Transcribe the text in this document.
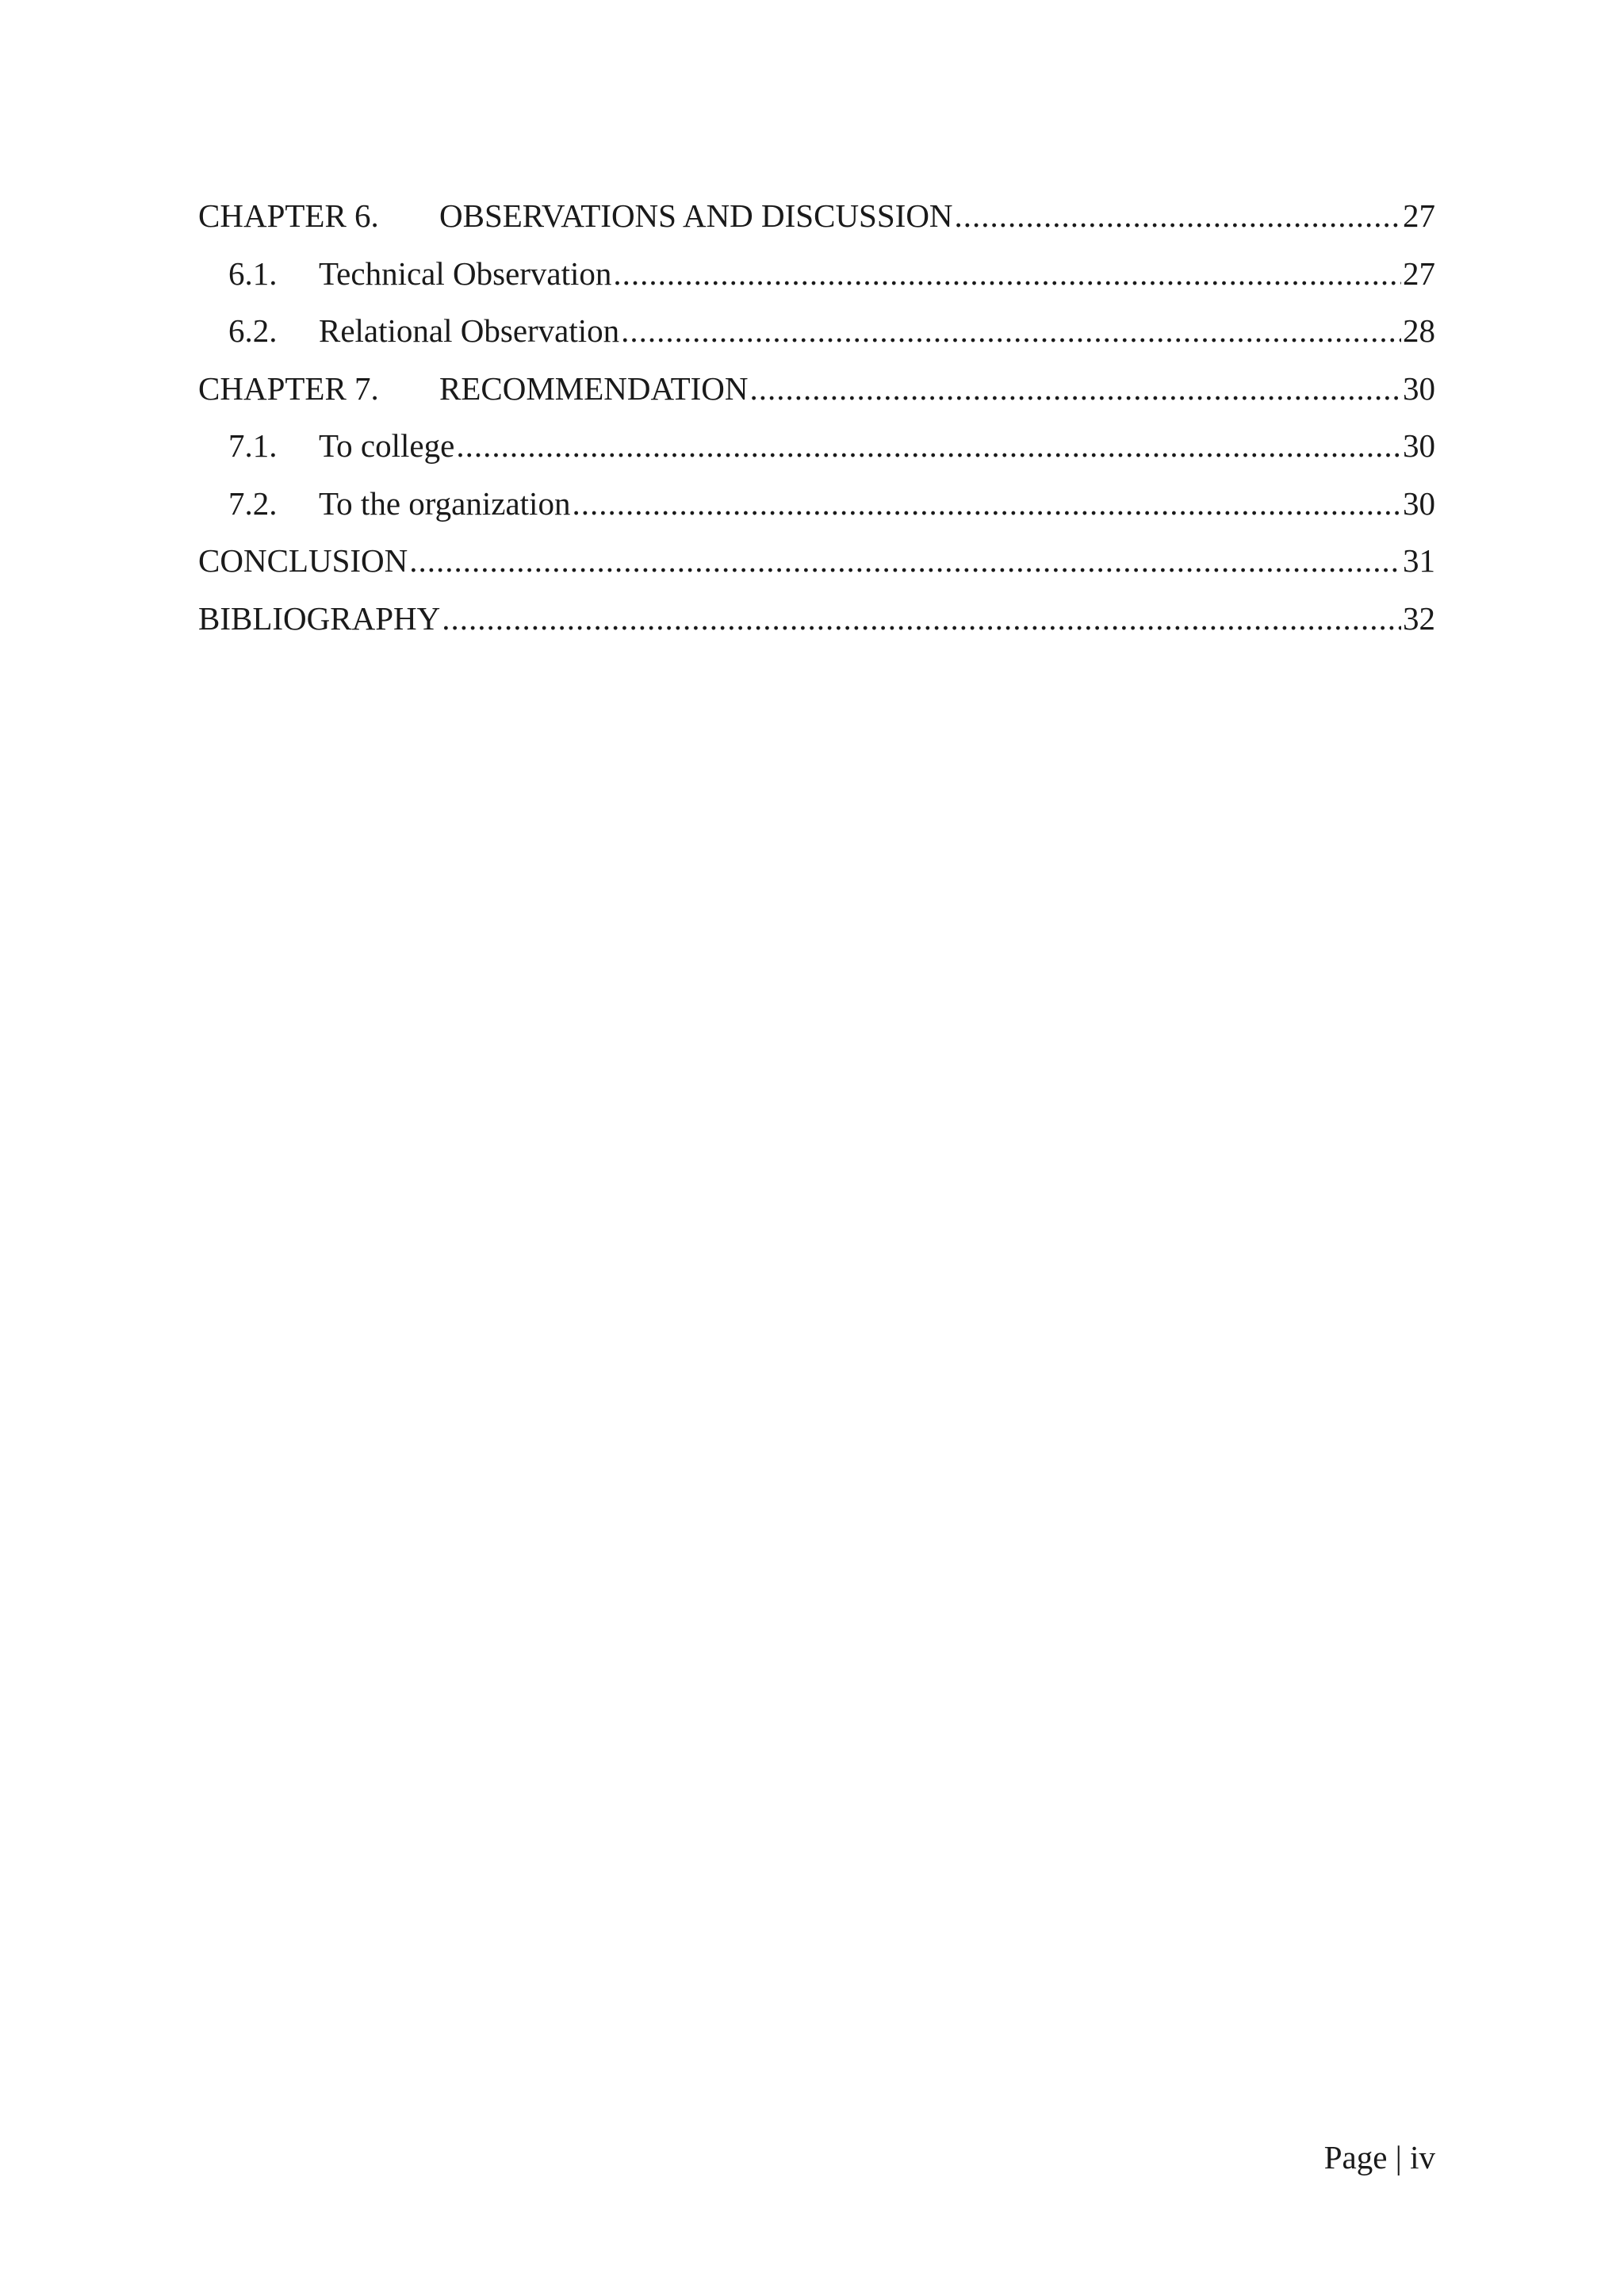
CHAPTER 6.	OBSERVATIONS AND DISCUSSION .....	27
6.1.	Technical Observation .....	27
6.2.	Relational Observation .....	28
CHAPTER 7.	RECOMMENDATION .....	30
7.1.	To college .....	30
7.2.	To the organization .....	30
CONCLUSION .....	31
BIBLIOGRAPHY .....	32
Page | iv
